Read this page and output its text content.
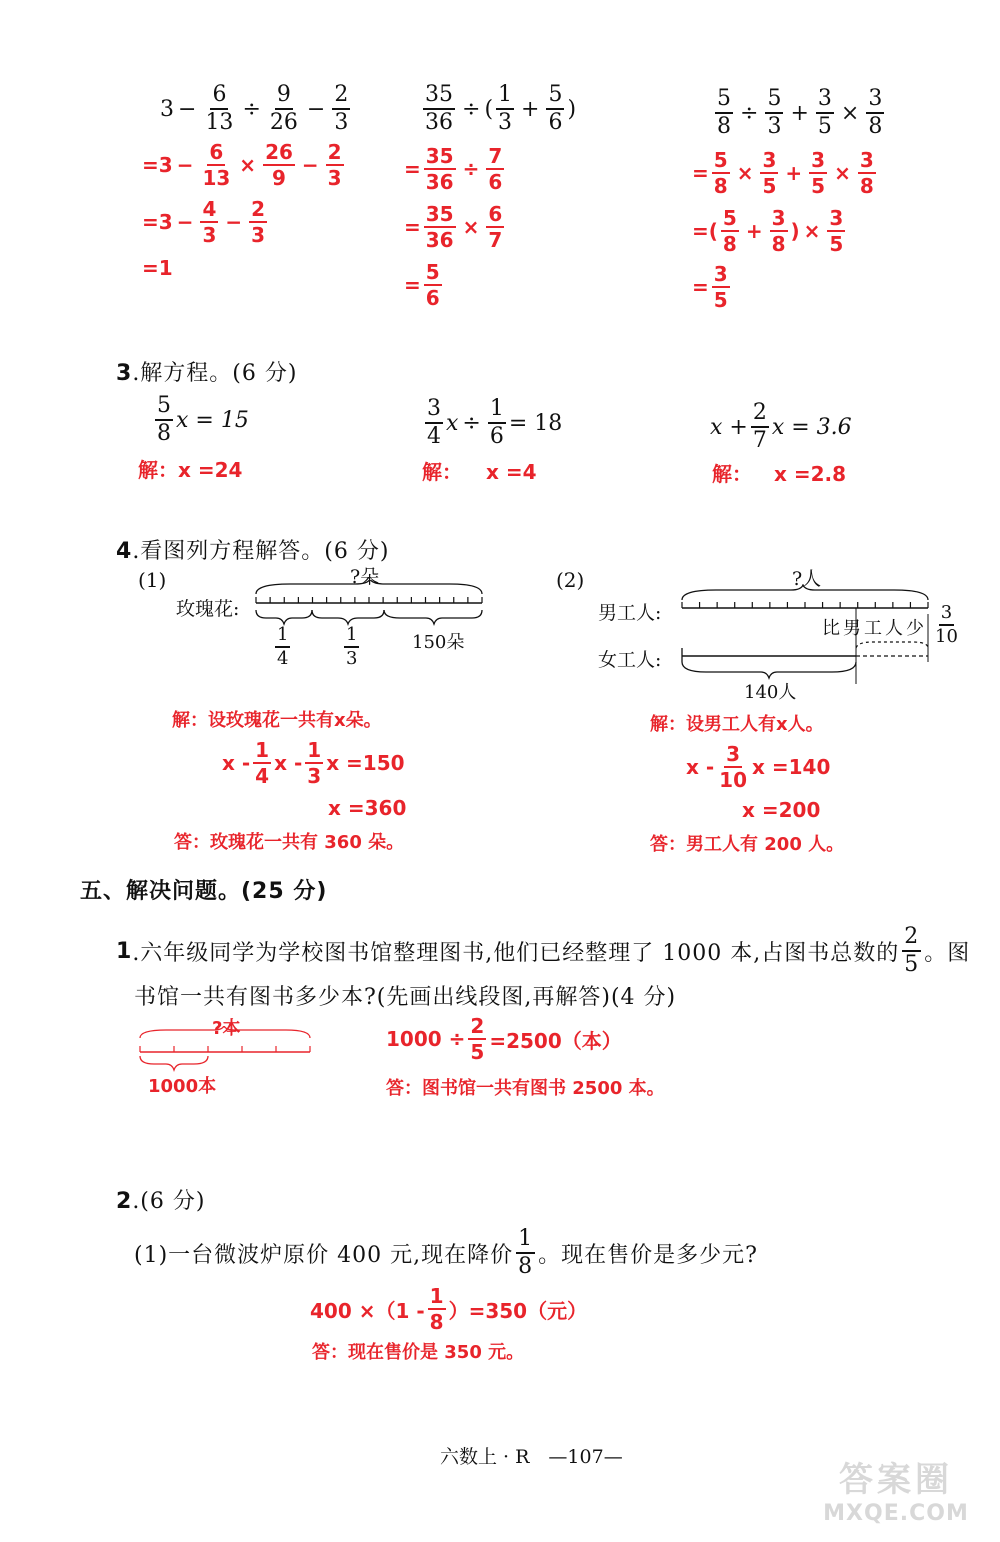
$3 - \frac{6}{13} \div \frac{9}{26} - \frac{2}{3}$
$=3 - \frac{6}{13} \times \frac{26}{9} - \frac{2}{3}$
$=3 - \frac{4}{3} - \frac{2}{3}$
=1
$\frac{35}{36}$ ÷ ( $\frac{1}{3} + \frac{5}{6}$ )
= $\frac{35}{36} \div \frac{7}{6}$
= $\frac{35}{36} \times \frac{6}{7}$
= $\frac{5}{6}$
$\frac{5}{8} \div \frac{5}{3} + \frac{3}{5} \times \frac{3}{8}$
= $\frac{5}{8} \times \frac{3}{5} + \frac{3}{5} \times \frac{3}{8}$
=( $\frac{5}{8} + \frac{3}{8}$ ) × $\frac{3}{5}$
= $\frac{3}{5}$
3.解方程。(6 分)
$\frac{5}{8}$ x = 15
解：x =24
$\frac{3}{4}$ $x \div \frac{1}{6} = 18$
解： x =4
$x + \frac{2}{7}$ x = 3.6
解： x =2.8
4.看图列方程解答。(6 分)
(1)	?朵
玫瑰花:
$\frac{1}{4}$	$\frac{1}{3}$	150朵
解：设玫瑰花一共有x朵。
x - $\frac{1}{4}$ x - $\frac{1}{3}$ x =150
x =360
答：玫瑰花一共有 360 朵。
(2)	?人
男工人:
女工人:
比男工人少 $\frac{3}{10}$
140人
解：设男工人有x人。
x - $\frac{3}{10}$ x =140
x =200
答：男工人有 200 人。
五、解决问题。(25 分)
1 .六年级同学为学校图书馆整理图书,他们已经整理了 1000 本,占图书总数的 $\frac{2}{5}$ 。图
书馆一共有图书多少本?(先画出线段图,再解答)(4 分)
?本
1000本
$1000 \div \frac{2}{5} =2500$（本）
答：图书馆一共有图书 2500 本。
2.(6 分)
(1)一台微波炉原价 400 元,现在降价 $\frac{1}{8}$ 。现在售价是多少元?
$400 \times(1 - \frac{1}{8} )=350$（元）
答：现在售价是 350 元。
六数上 · R　—107—
答案圈
MXQE.COM
